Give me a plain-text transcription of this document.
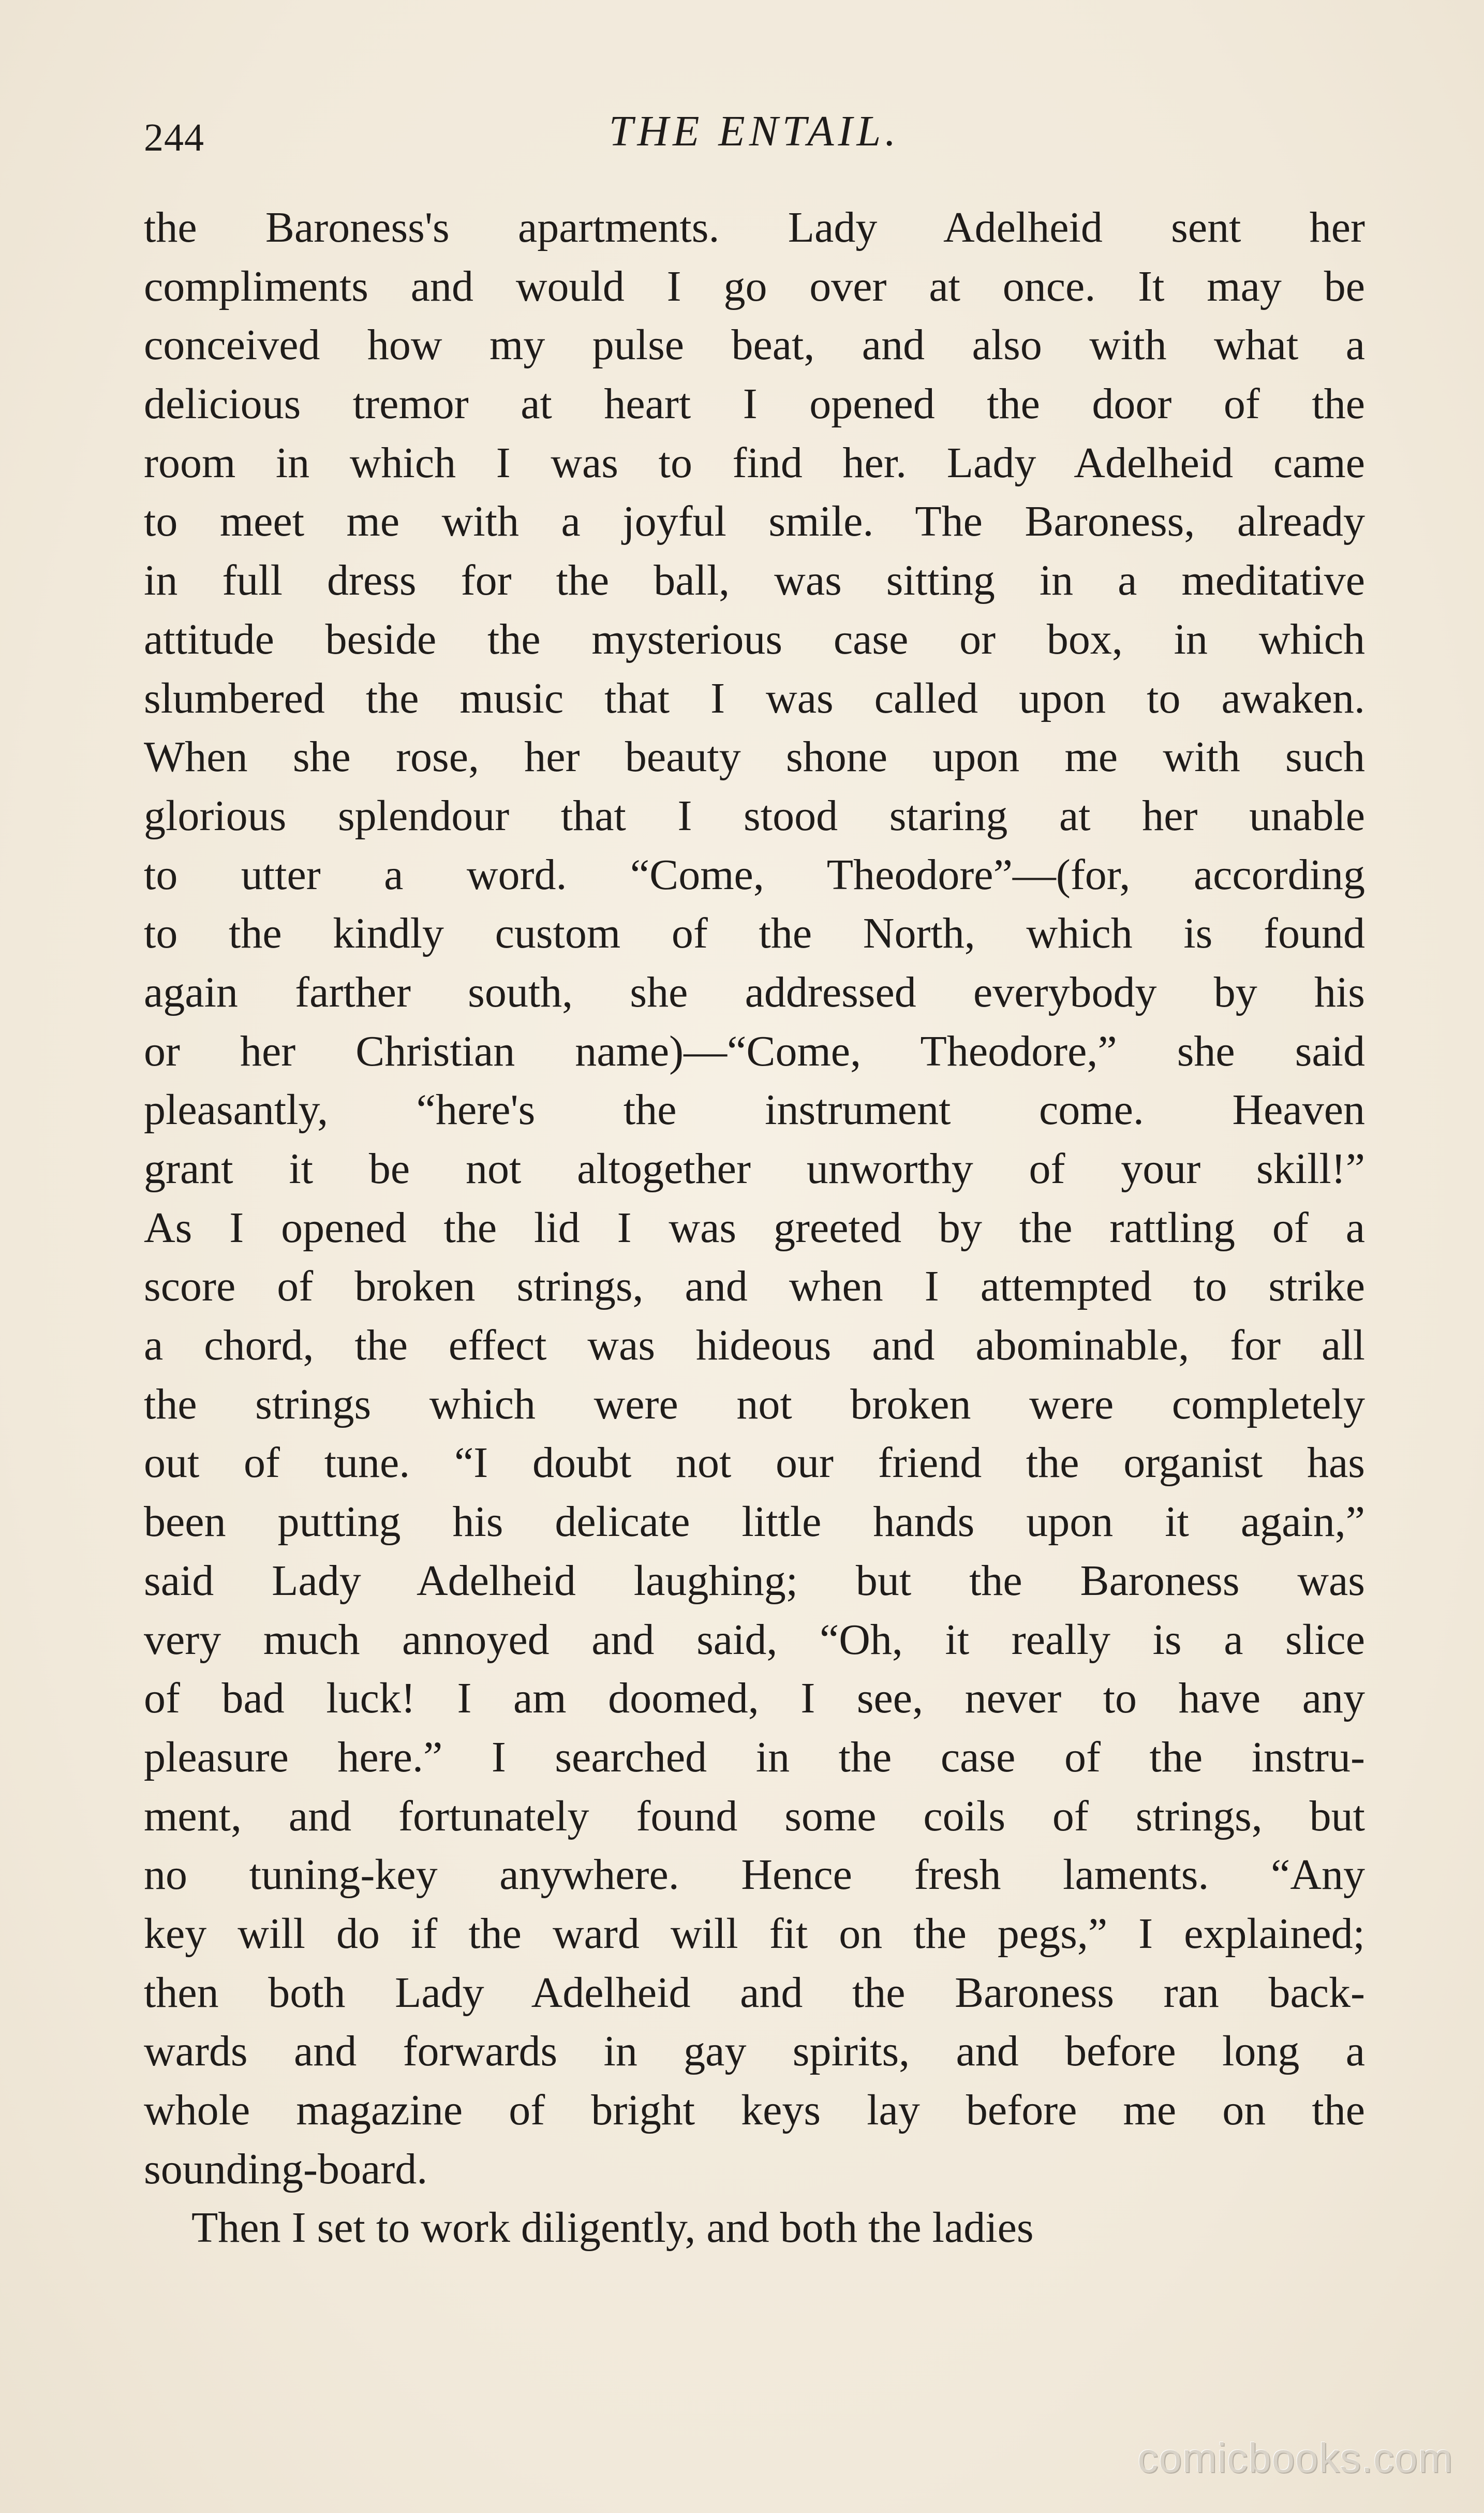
244	THE ENTAIL.
the Baroness's apartments. Lady Adelheid sent her
compliments and would I go over at once. It may be
conceived how my pulse beat, and also with what a
delicious tremor at heart I opened the door of the
room in which I was to find her. Lady Adelheid came
to meet me with a joyful smile. The Baroness, already
in full dress for the ball, was sitting in a meditative
attitude beside the mysterious case or box, in which
slumbered the music that I was called upon to awaken.
When she rose, her beauty shone upon me with such
glorious splendour that I stood staring at her unable
to utter a word. “Come, Theodore”—(for, according
to the kindly custom of the North, which is found
again farther south, she addressed everybody by his
or her Christian name)—“Come, Theodore,” she said
pleasantly, “here's the instrument come. Heaven
grant it be not altogether unworthy of your skill!”
As I opened the lid I was greeted by the rattling of a
score of broken strings, and when I attempted to strike
a chord, the effect was hideous and abominable, for all
the strings which were not broken were completely
out of tune. “I doubt not our friend the organist has
been putting his delicate little hands upon it again,”
said Lady Adelheid laughing; but the Baroness was
very much annoyed and said, “Oh, it really is a slice
of bad luck! I am doomed, I see, never to have any
pleasure here.” I searched in the case of the instru-
ment, and fortunately found some coils of strings, but
no tuning-key anywhere. Hence fresh laments. “Any
key will do if the ward will fit on the pegs,” I explained;
then both Lady Adelheid and the Baroness ran back-
wards and forwards in gay spirits, and before long a
whole magazine of bright keys lay before me on the
sounding-board.
Then I set to work diligently, and both the ladies
comicbooks.com
